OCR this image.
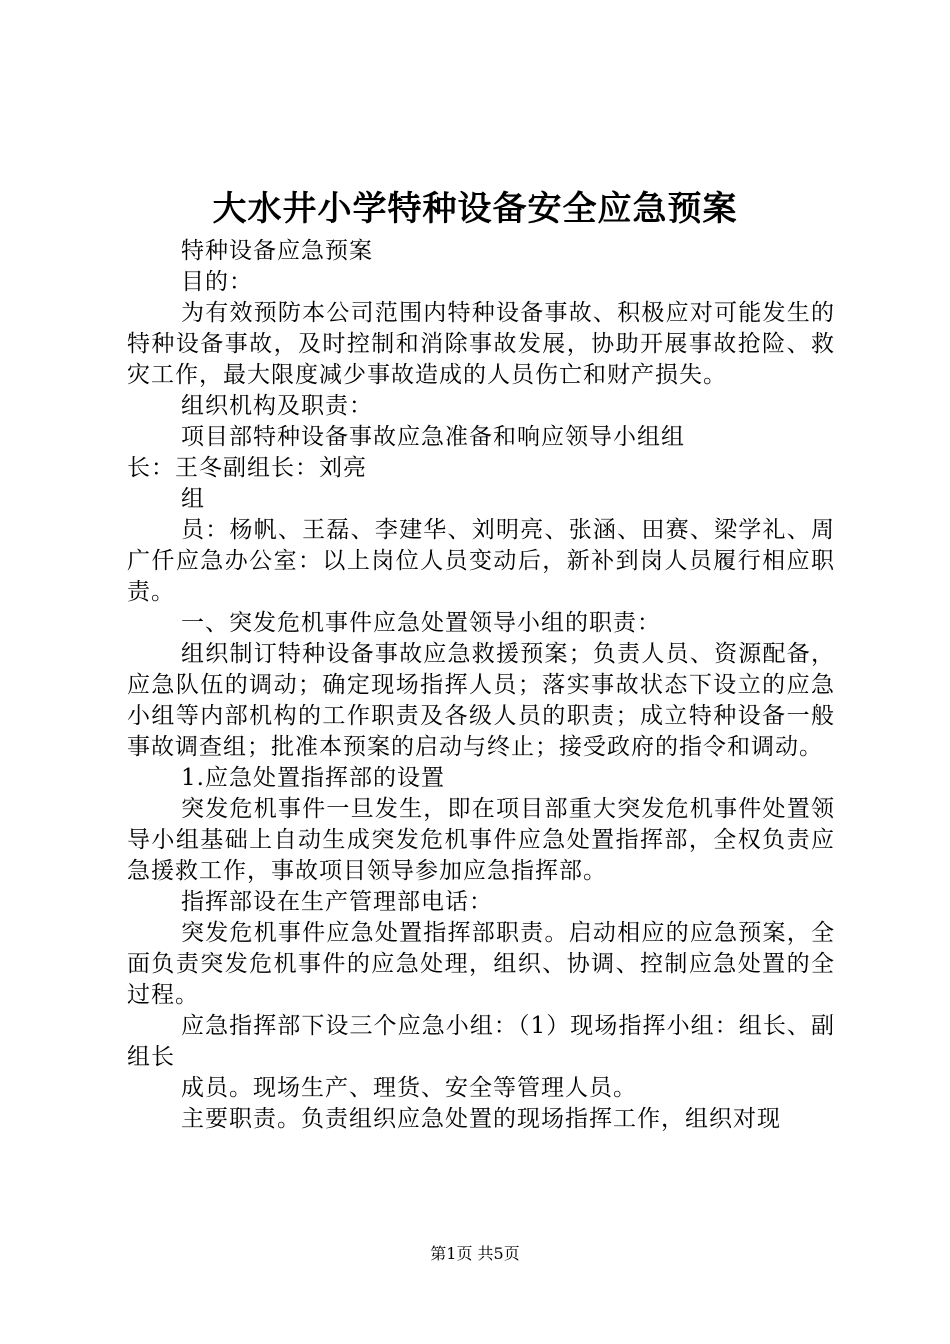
大水井小学特种设备安全应急预案

特种设备应急预案

目的：

为有效预防本公司范围内特种设备事故、积极应对可能发生的特种设备事故，及时控制和消除事故发展，协助开展事故抢险、救灾工作，最大限度减少事故造成的人员伤亡和财产损失。

组织机构及职责：

项目部特种设备事故应急准备和响应领导小组组

长：王冬副组长：刘亮

组

员：杨帆、王磊、李建华、刘明亮、张涵、田赛、梁学礼、周广仟应急办公室：以上岗位人员变动后，新补到岗人员履行相应职责。

一、突发危机事件应急处置领导小组的职责：

组织制订特种设备事故应急救援预案；负责人员、资源配备，应急队伍的调动；确定现场指挥人员；落实事故状态下设立的应急小组等内部机构的工作职责及各级人员的职责；成立特种设备一般事故调查组；批准本预案的启动与终止；接受政府的指令和调动。

1.应急处置指挥部的设置

突发危机事件一旦发生，即在项目部重大突发危机事件处置领导小组基础上自动生成突发危机事件应急处置指挥部，全权负责应急援救工作，事故项目领导参加应急指挥部。

指挥部设在生产管理部电话：

突发危机事件应急处置指挥部职责。启动相应的应急预案，全面负责突发危机事件的应急处理，组织、协调、控制应急处置的全过程。

应急指挥部下设三个应急小组：（1）现场指挥小组：组长、副组长

成员。现场生产、理货、安全等管理人员。

主要职责。负责组织应急处置的现场指挥工作，组织对现

第1页 共5页
